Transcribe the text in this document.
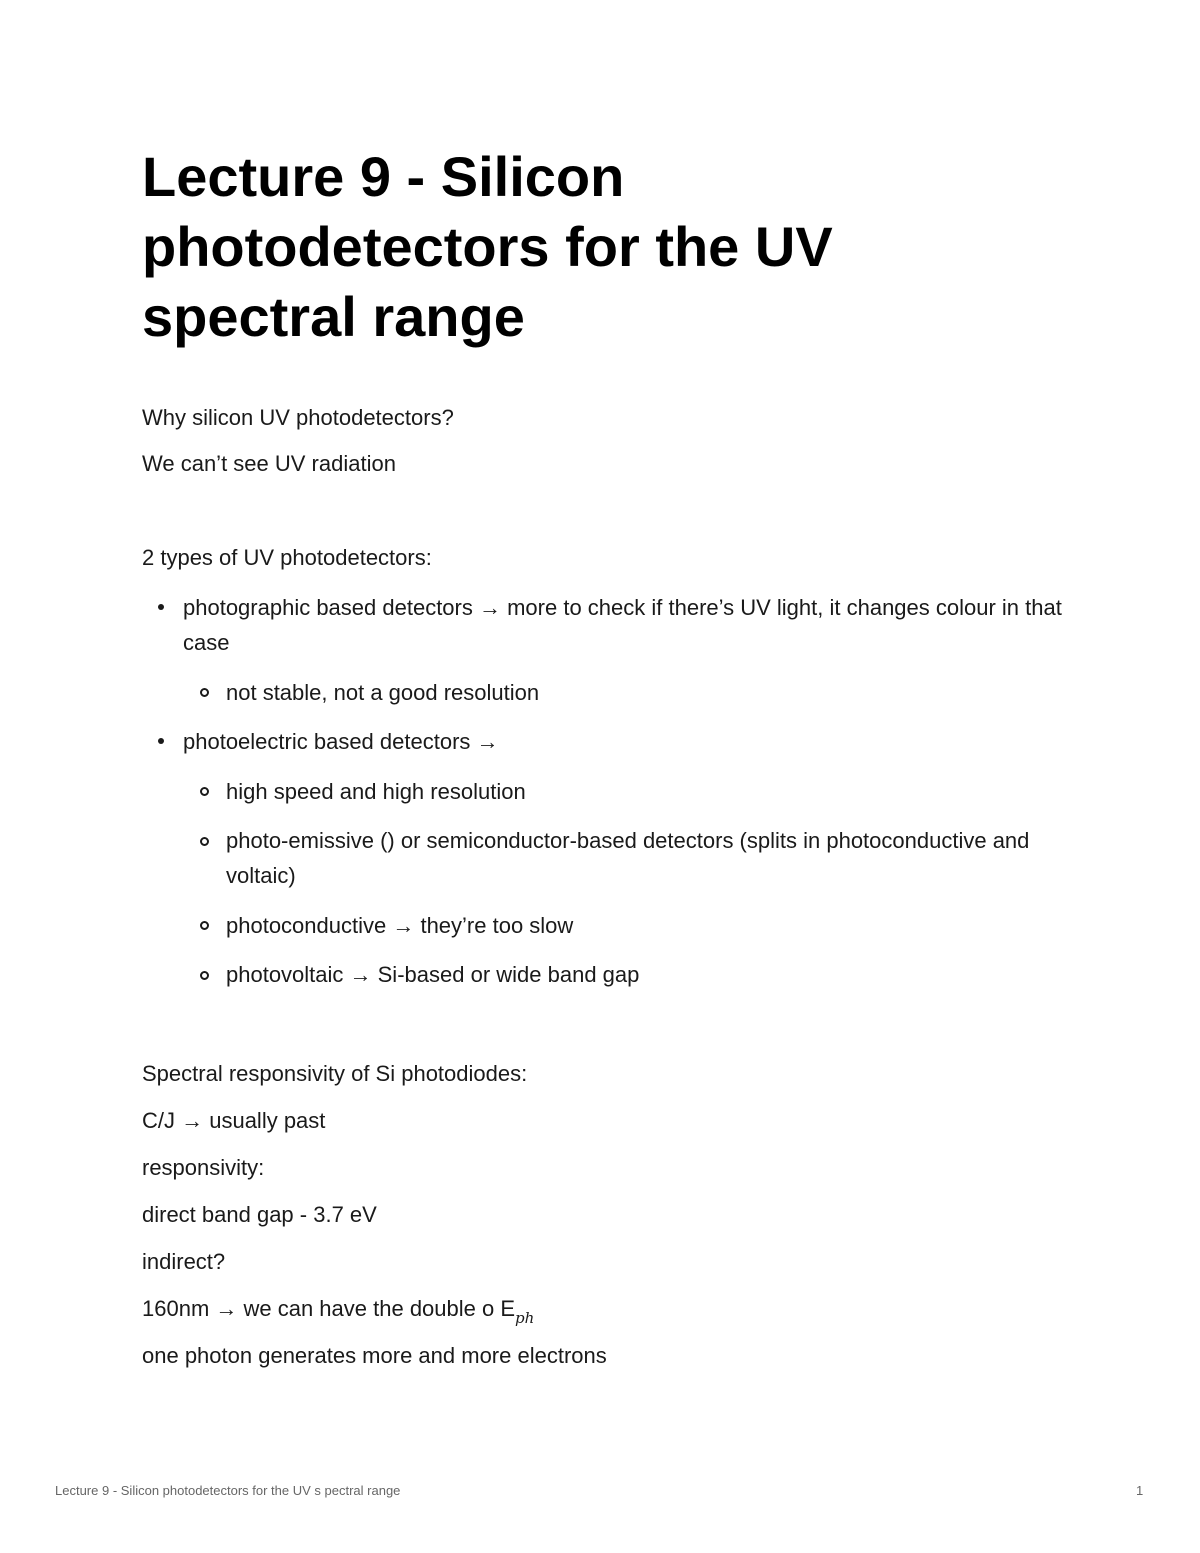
Lecture 9 - Silicon photodetectors for the UV spectral range

Why silicon UV photodetectors?

We can’t see UV radiation

2 types of UV photodetectors:

photographic based detectors → more to check if there’s UV light, it changes colour in that case

not stable, not a good resolution

photoelectric based detectors →

high speed and high resolution

photo-emissive () or semiconductor-based detectors (splits in photoconductive and voltaic)

photoconductive → they’re too slow

photovoltaic → Si-based or wide band gap

Spectral responsivity of Si photodiodes:

C/J → usually past

responsivity:

direct band gap - 3.7 eV

indirect?

160nm → we can have the double o $E_{ph}$

one photon generates more and more electrons

Lecture 9 - Silicon photodetectors for the UV s pectral range	1
